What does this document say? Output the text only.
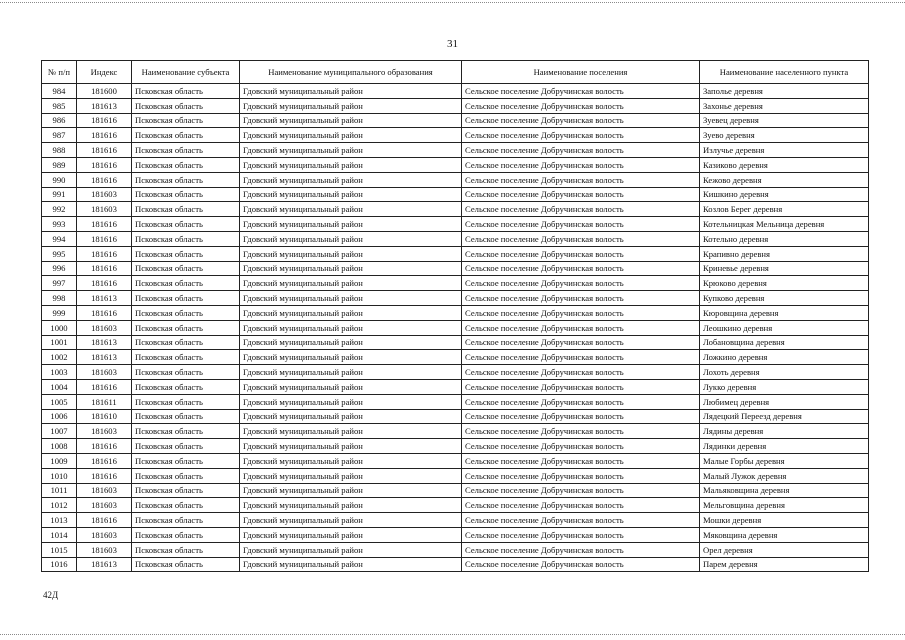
31
№ п/п	Индекс	Наименование субъекта	Наименование муниципального образования	Наименование поселения	Наименование населенного пункта
984	181600	Псковская область	Гдовский муниципальный район	Сельское поселение Добручинская волость	Заполье деревня
985	181613	Псковская область	Гдовский муниципальный район	Сельское поселение Добручинская волость	Захонье деревня
986	181616	Псковская область	Гдовский муниципальный район	Сельское поселение Добручинская волость	Зуевец деревня
987	181616	Псковская область	Гдовский муниципальный район	Сельское поселение Добручинская волость	Зуево деревня
988	181616	Псковская область	Гдовский муниципальный район	Сельское поселение Добручинская волость	Излучье деревня
989	181616	Псковская область	Гдовский муниципальный район	Сельское поселение Добручинская волость	Казиково деревня
990	181616	Псковская область	Гдовский муниципальный район	Сельское поселение Добручинская волость	Кежово деревня
991	181603	Псковская область	Гдовский муниципальный район	Сельское поселение Добручинская волость	Кишкино деревня
992	181603	Псковская область	Гдовский муниципальный район	Сельское поселение Добручинская волость	Козлов Берег деревня
993	181616	Псковская область	Гдовский муниципальный район	Сельское поселение Добручинская волость	Котельницкая Мельница деревня
994	181616	Псковская область	Гдовский муниципальный район	Сельское поселение Добручинская волость	Котельно деревня
995	181616	Псковская область	Гдовский муниципальный район	Сельское поселение Добручинская волость	Крапивно деревня
996	181616	Псковская область	Гдовский муниципальный район	Сельское поселение Добручинская волость	Криневье деревня
997	181616	Псковская область	Гдовский муниципальный район	Сельское поселение Добручинская волость	Крюково деревня
998	181613	Псковская область	Гдовский муниципальный район	Сельское поселение Добручинская волость	Купково деревня
999	181616	Псковская область	Гдовский муниципальный район	Сельское поселение Добручинская волость	Кюровщина деревня
1000	181603	Псковская область	Гдовский муниципальный район	Сельское поселение Добручинская волость	Леошкино деревня
1001	181613	Псковская область	Гдовский муниципальный район	Сельское поселение Добручинская волость	Лобановщина деревня
1002	181613	Псковская область	Гдовский муниципальный район	Сельское поселение Добручинская волость	Ложкино деревня
1003	181603	Псковская область	Гдовский муниципальный район	Сельское поселение Добручинская волость	Лохоть деревня
1004	181616	Псковская область	Гдовский муниципальный район	Сельское поселение Добручинская волость	Лукко деревня
1005	181611	Псковская область	Гдовский муниципальный район	Сельское поселение Добручинская волость	Любимец деревня
1006	181610	Псковская область	Гдовский муниципальный район	Сельское поселение Добручинская волость	Лядецкий Переезд деревня
1007	181603	Псковская область	Гдовский муниципальный район	Сельское поселение Добручинская волость	Лядины деревня
1008	181616	Псковская область	Гдовский муниципальный район	Сельское поселение Добручинская волость	Лядинки деревня
1009	181616	Псковская область	Гдовский муниципальный район	Сельское поселение Добручинская волость	Малые Горбы деревня
1010	181616	Псковская область	Гдовский муниципальный район	Сельское поселение Добручинская волость	Малый Лужок деревня
1011	181603	Псковская область	Гдовский муниципальный район	Сельское поселение Добручинская волость	Мальяковщина деревня
1012	181603	Псковская область	Гдовский муниципальный район	Сельское поселение Добручинская волость	Мельговщина деревня
1013	181616	Псковская область	Гдовский муниципальный район	Сельское поселение Добручинская волость	Мошки деревня
1014	181603	Псковская область	Гдовский муниципальный район	Сельское поселение Добручинская волость	Мяковщина деревня
1015	181603	Псковская область	Гдовский муниципальный район	Сельское поселение Добручинская волость	Орел деревня
1016	181613	Псковская область	Гдовский муниципальный район	Сельское поселение Добручинская волость	Парем деревня
42Д
